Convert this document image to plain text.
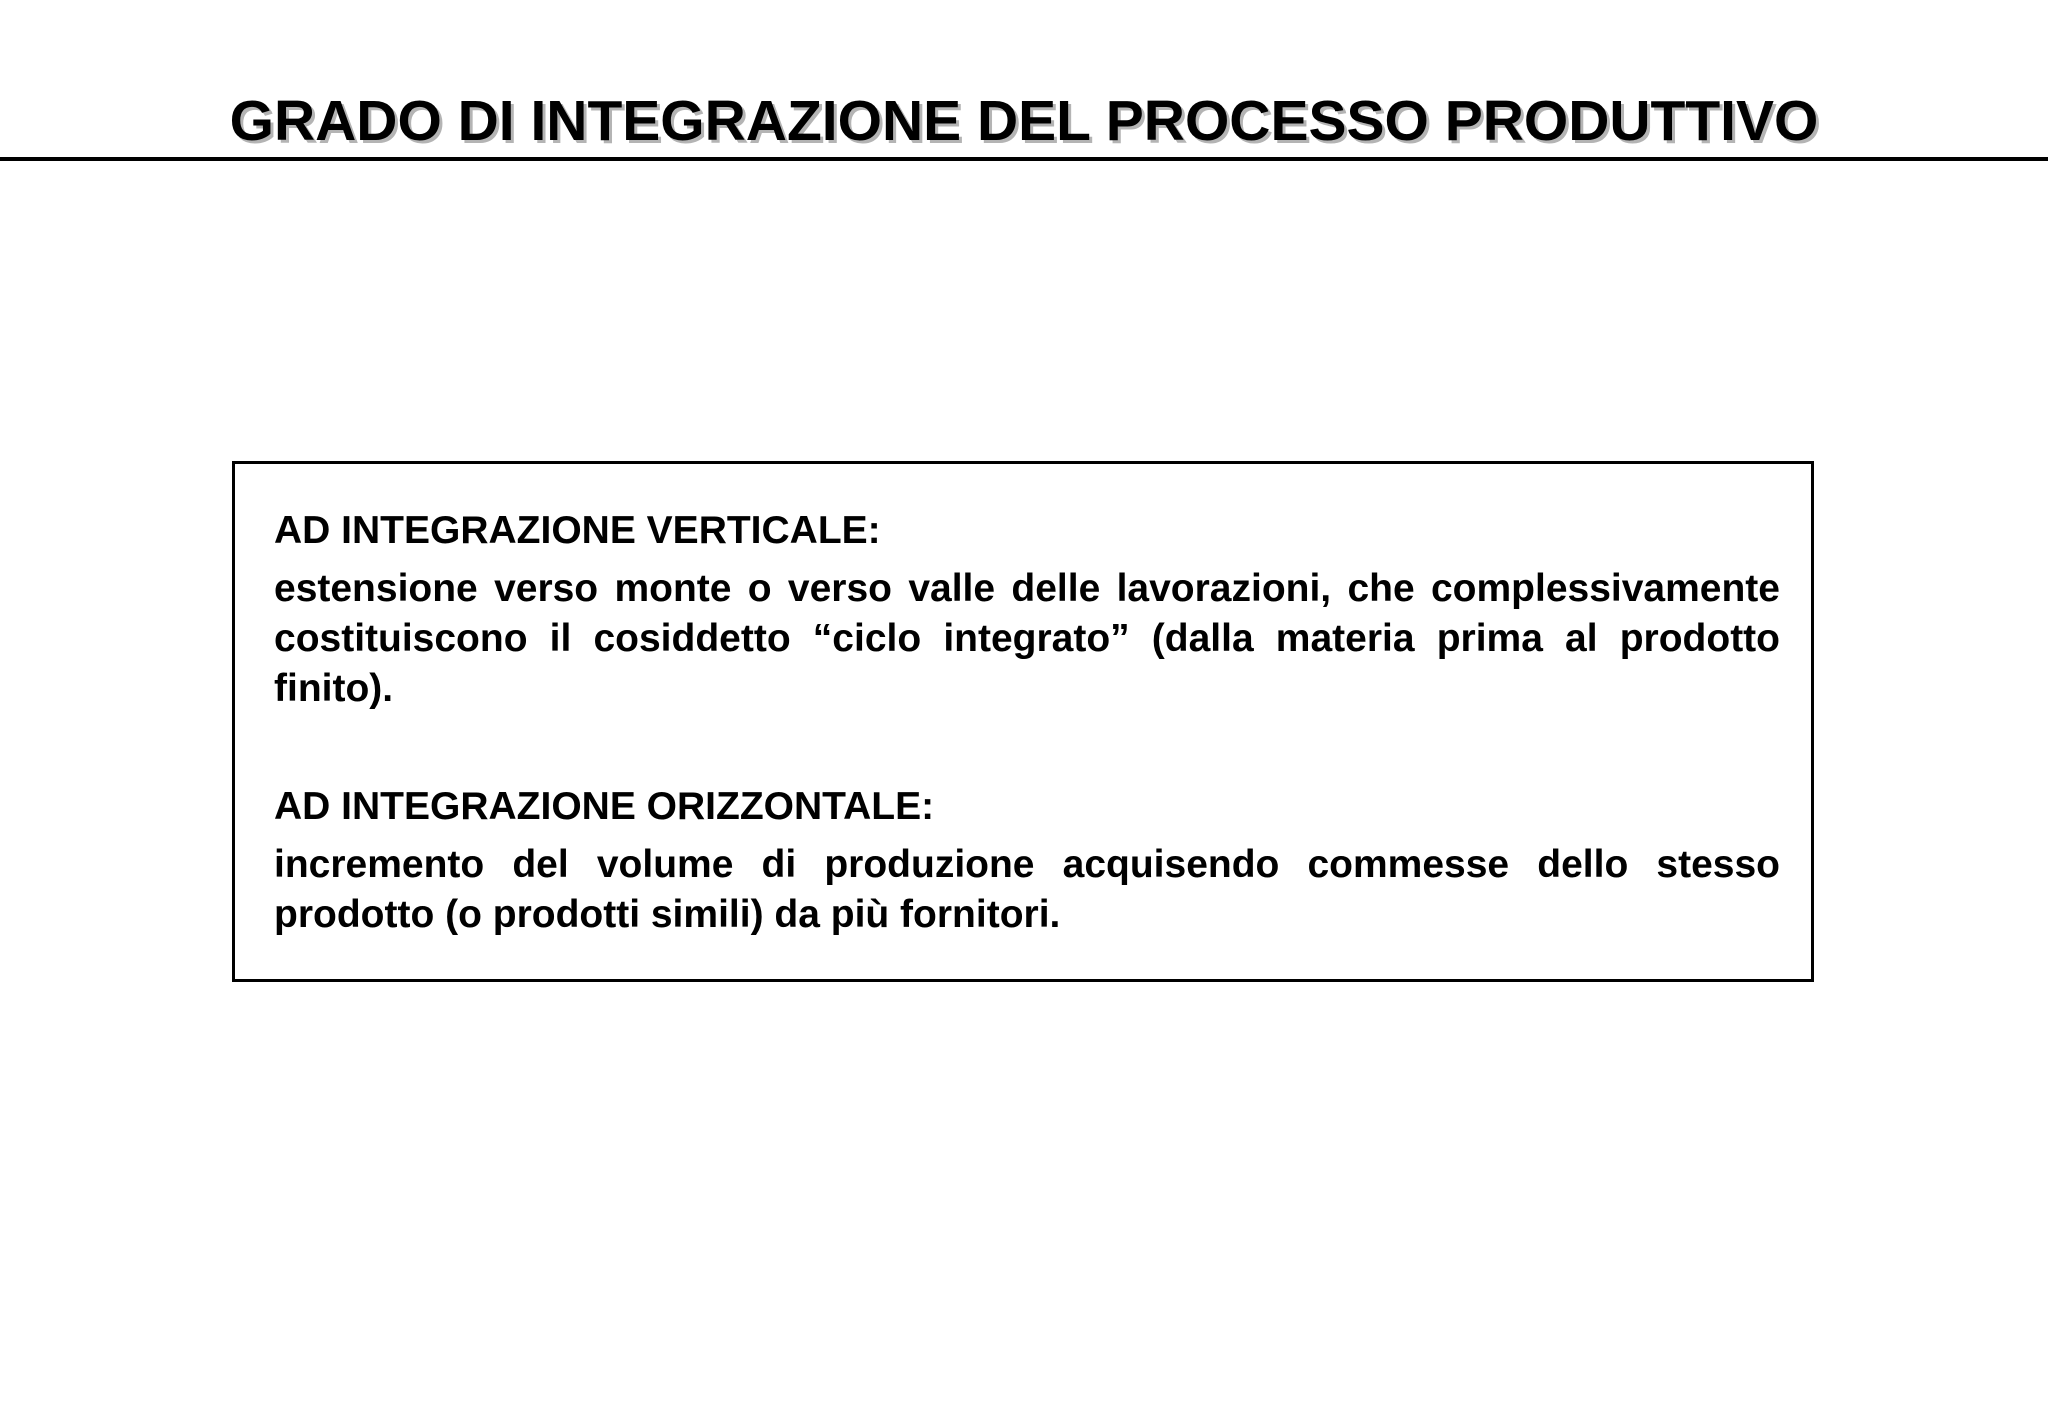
GRADO DI INTEGRAZIONE DEL PROCESSO PRODUTTIVO

AD INTEGRAZIONE VERTICALE:

estensione verso monte o verso valle delle lavorazioni, che complessivamente costituiscono il cosiddetto “ciclo integrato” (dalla materia prima al prodotto finito).

AD INTEGRAZIONE ORIZZONTALE:

incremento del volume di produzione acquisendo commesse dello stesso prodotto (o prodotti simili) da più fornitori.
